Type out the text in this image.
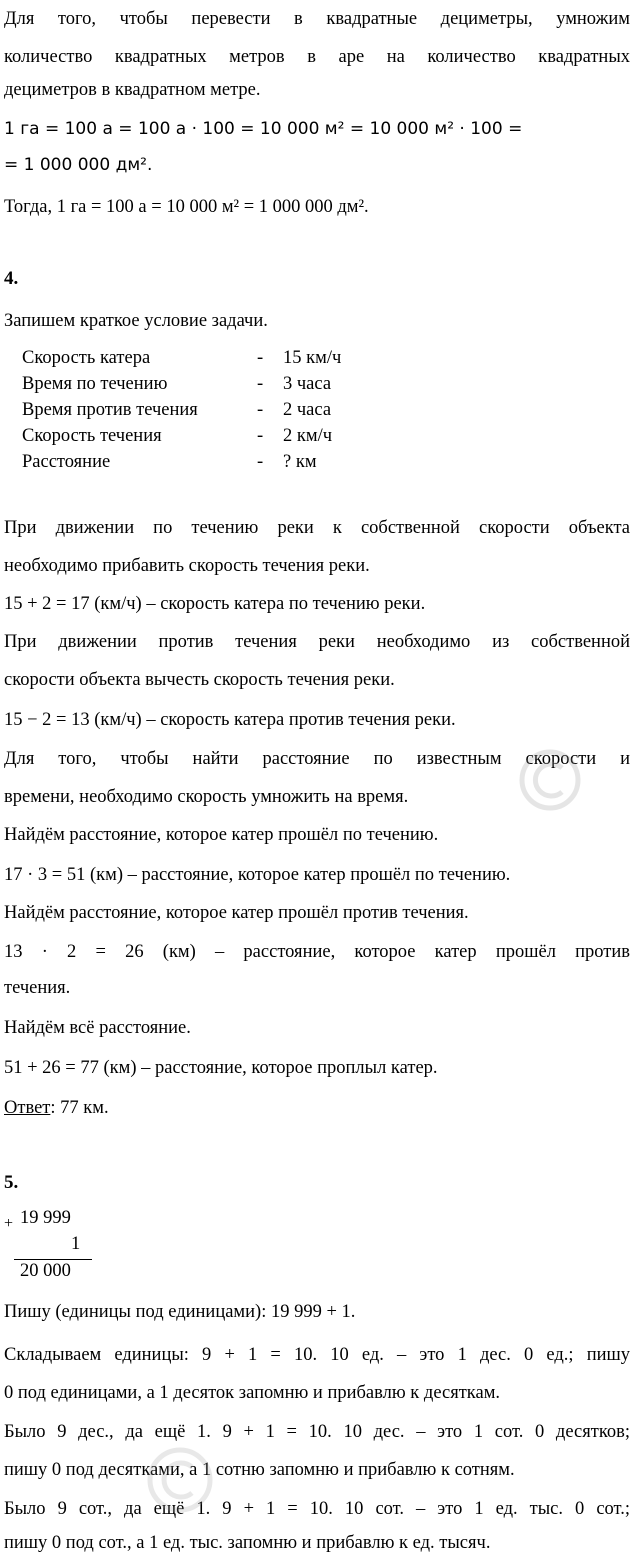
Для того, чтобы перевести в квадратные дециметры, умножим
количество квадратных метров в аре на количество квадратных
дециметров в квадратном метре.
1 га = 100 а = 100 а · 100 = 10 000 м² = 10 000 м² · 100 =
= 1 000 000 дм².
Тогда, 1 га = 100 а = 10 000 м² = 1 000 000 дм².
4.
Запишем краткое условие задачи.
Скорость катера	- 15 км/ч
Время по течению	- 3 часа
Время против течения	- 2 часа
Скорость течения	- 2 км/ч
Расстояние	- ? км
При движении по течению реки к собственной скорости объекта
необходимо прибавить скорость течения реки.
15 + 2 = 17 (км/ч) – скорость катера по течению реки.
При движении против течения реки необходимо из собственной
скорости объекта вычесть скорость течения реки.
15 − 2 = 13 (км/ч) – скорость катера против течения реки.
Для того, чтобы найти расстояние по известным скорости и
времени, необходимо скорость умножить на время.
Найдём расстояние, которое катер прошёл по течению.
17 · 3 = 51 (км) – расстояние, которое катер прошёл по течению.
Найдём расстояние, которое катер прошёл против течения.
13 · 2 = 26 (км) – расстояние, которое катер прошёл против
течения.
Найдём всё расстояние.
51 + 26 = 77 (км) – расстояние, которое проплыл катер.
Ответ: 77 км.
5.
+ 19 999
1
20 000
Пишу (единицы под единицами): 19 999 + 1.
Складываем единицы: 9 + 1 = 10. 10 ед. – это 1 дес. 0 ед.; пишу
0 под единицами, а 1 десяток запомню и прибавлю к десяткам.
Было 9 дес., да ещё 1. 9 + 1 = 10. 10 дес. – это 1 сот. 0 десятков;
пишу 0 под десятками, а 1 сотню запомню и прибавлю к сотням.
Было 9 сот., да ещё 1. 9 + 1 = 10. 10 сот. – это 1 ед. тыс. 0 сот.;
пишу 0 под сот., а 1 ед. тыс. запомню и прибавлю к ед. тысяч.
